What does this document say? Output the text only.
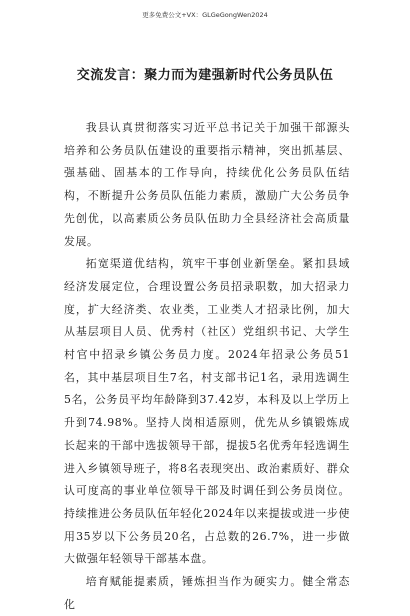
更多免费公文+VX：GLGeGongWen2024
交流发言：聚力而为建强新时代公务员队伍

我县认真贯彻落实习近平总书记关于加强干部源头培养和公务员队伍建设的重要指示精神，突出抓基层、强基础、固基本的工作导向，持续优化公务员队伍结构，不断提升公务员队伍能力素质，激励广大公务员争先创优，以高素质公务员队伍助力全县经济社会高质量发展。

拓宽渠道优结构，筑牢干事创业新堡垒。紧扣县域经济发展定位，合理设置公务员招录职数，加大招录力度，扩大经济类、农业类，工业类人才招录比例，加大从基层项目人员、优秀村（社区）党组织书记、大学生村官中招录乡镇公务员力度。2024年招录公务员51名，其中基层项目生7名，村支部书记1名，录用选调生5名，公务员平均年龄降到37.42岁，本科及以上学历上升到74.98%。坚持人岗相适原则，优先从乡镇锻炼成长起来的干部中选拔领导干部，提拔5名优秀年轻选调生进入乡镇领导班子，将8名表现突出、政治素质好、群众认可度高的事业单位领导干部及时调任到公务员岗位。持续推进公务员队伍年轻化2024年以来提拔或进一步使用35岁以下公务员20名，占总数的26.7%，进一步做大做强年轻领导干部基本盘。

培育赋能提素质，锤炼担当作为硬实力。健全常态化
